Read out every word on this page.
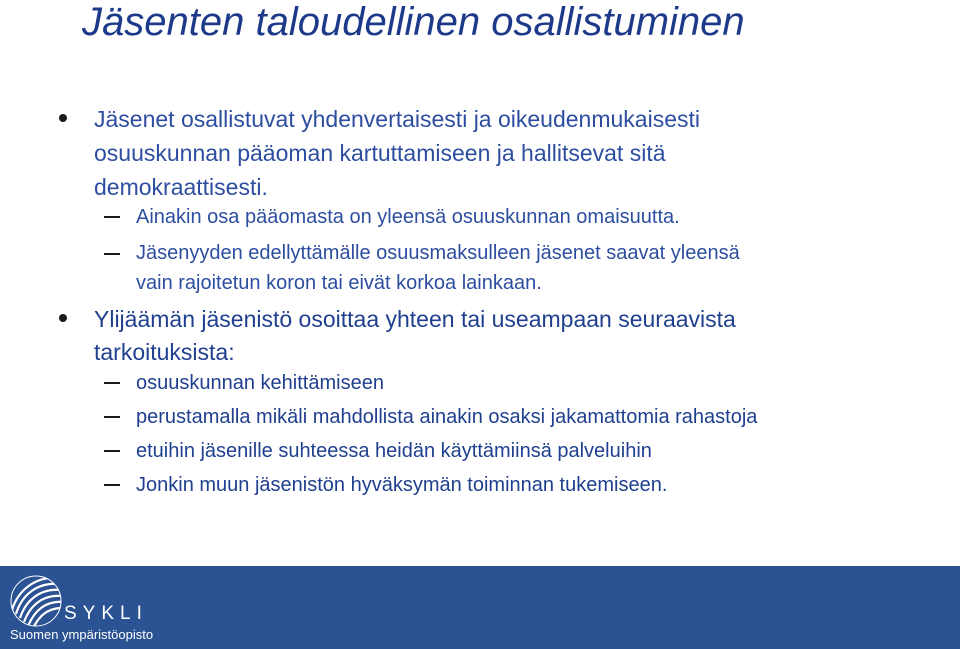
Jäsenten taloudellinen osallistuminen
Jäsenet osallistuvat yhdenvertaisesti ja oikeudenmukaisesti
osuuskunnan pääoman kartuttamiseen ja hallitsevat sitä
demokraattisesti.
Ainakin osa pääomasta on yleensä osuuskunnan omaisuutta.
Jäsenyyden edellyttämälle osuusmaksulleen jäsenet saavat yleensä
vain rajoitetun koron tai eivät korkoa lainkaan.
Ylijäämän jäsenistö osoittaa yhteen tai useampaan seuraavista
tarkoituksista:
osuuskunnan kehittämiseen
perustamalla mikäli mahdollista ainakin osaksi jakamattomia rahastoja
etuihin jäsenille suhteessa heidän käyttämiinsä palveluihin
Jonkin muun jäsenistön hyväksymän toiminnan tukemiseen.
SYKLI
Suomen ympäristöopisto
